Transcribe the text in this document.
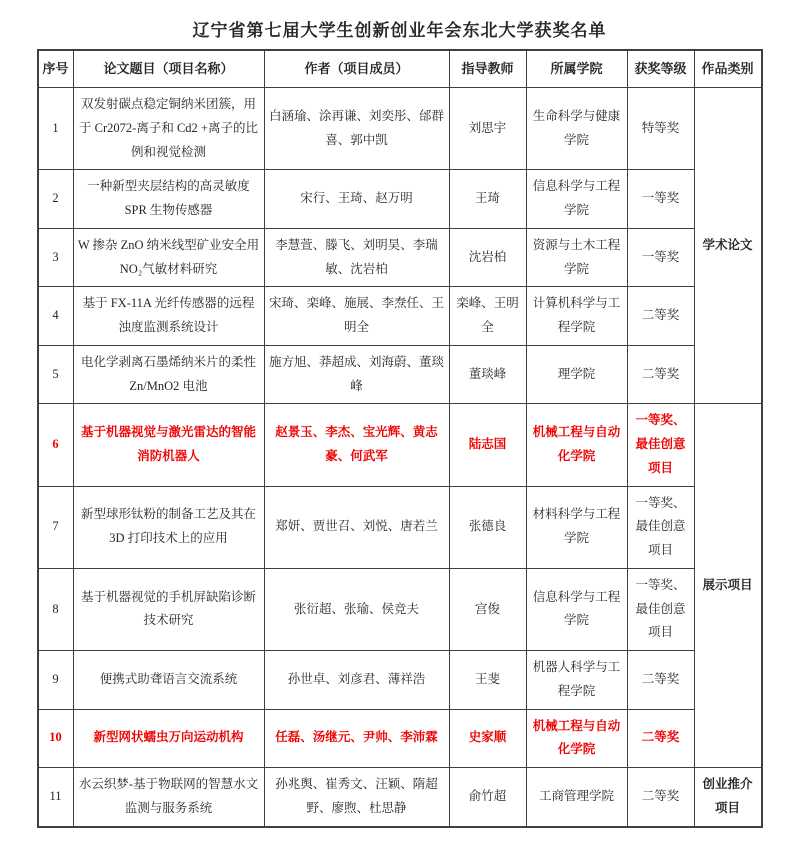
辽宁省第七届大学生创新创业年会东北大学获奖名单
序号	论文题目（项目名称）	作者（项目成员）	指导教师	所属学院	获奖等级	作品类别
1	双发射碳点稳定铜纳米团簇，用于 Cr2072-离子和 Cd2 +离子的比例和视觉检测	白涵瑜、涂再谦、刘奕彤、邰群喜、郭中凯	刘思宇	生命科学与健康学院	特等奖	学术论文
2	一种新型夹层结构的高灵敏度 SPR 生物传感器	宋行、王琦、赵万明	王琦	信息科学与工程学院	一等奖	
3	W 掺杂 ZnO 纳米线型矿业安全用 NO₂气敏材料研究	李慧萱、滕飞、刘明昊、李瑞敏、沈岩柏	沈岩柏	资源与土木工程学院	一等奖	
4	基于 FX-11A 光纤传感器的远程浊度监测系统设计	宋琦、栾峰、施展、李焘任、王明全	栾峰、王明全	计算机科学与工程学院	二等奖	
5	电化学剥离石墨烯纳米片的柔性 Zn/MnO2 电池	施方旭、莽超成、刘海蔚、董琰峰	董琰峰	理学院	二等奖	
6	基于机器视觉与激光雷达的智能消防机器人	赵景玉、李杰、宝光辉、黄志豪、何武军	陆志国	机械工程与自动化学院	一等奖、最佳创意项目	展示项目
7	新型球形钛粉的制备工艺及其在 3D 打印技术上的应用	郑妍、贾世召、刘悦、唐若兰	张德良	材料科学与工程学院	一等奖、最佳创意项目	
8	基于机器视觉的手机屏缺陷诊断技术研究	张衍超、张瑜、侯竞夫	宫俊	信息科学与工程学院	一等奖、最佳创意项目	
9	便携式助聋语言交流系统	孙世卓、刘彦君、薄祥浩	王斐	机器人科学与工程学院	二等奖	
10	新型网状蠕虫万向运动机构	任磊、汤继元、尹帅、李沛霖	史家顺	机械工程与自动化学院	二等奖	
11	水云织梦-基于物联网的智慧水文监测与服务系统	孙兆舆、崔秀文、汪颖、隋超野、廖煦、杜思静	俞竹超	工商管理学院	二等奖	创业推介项目
